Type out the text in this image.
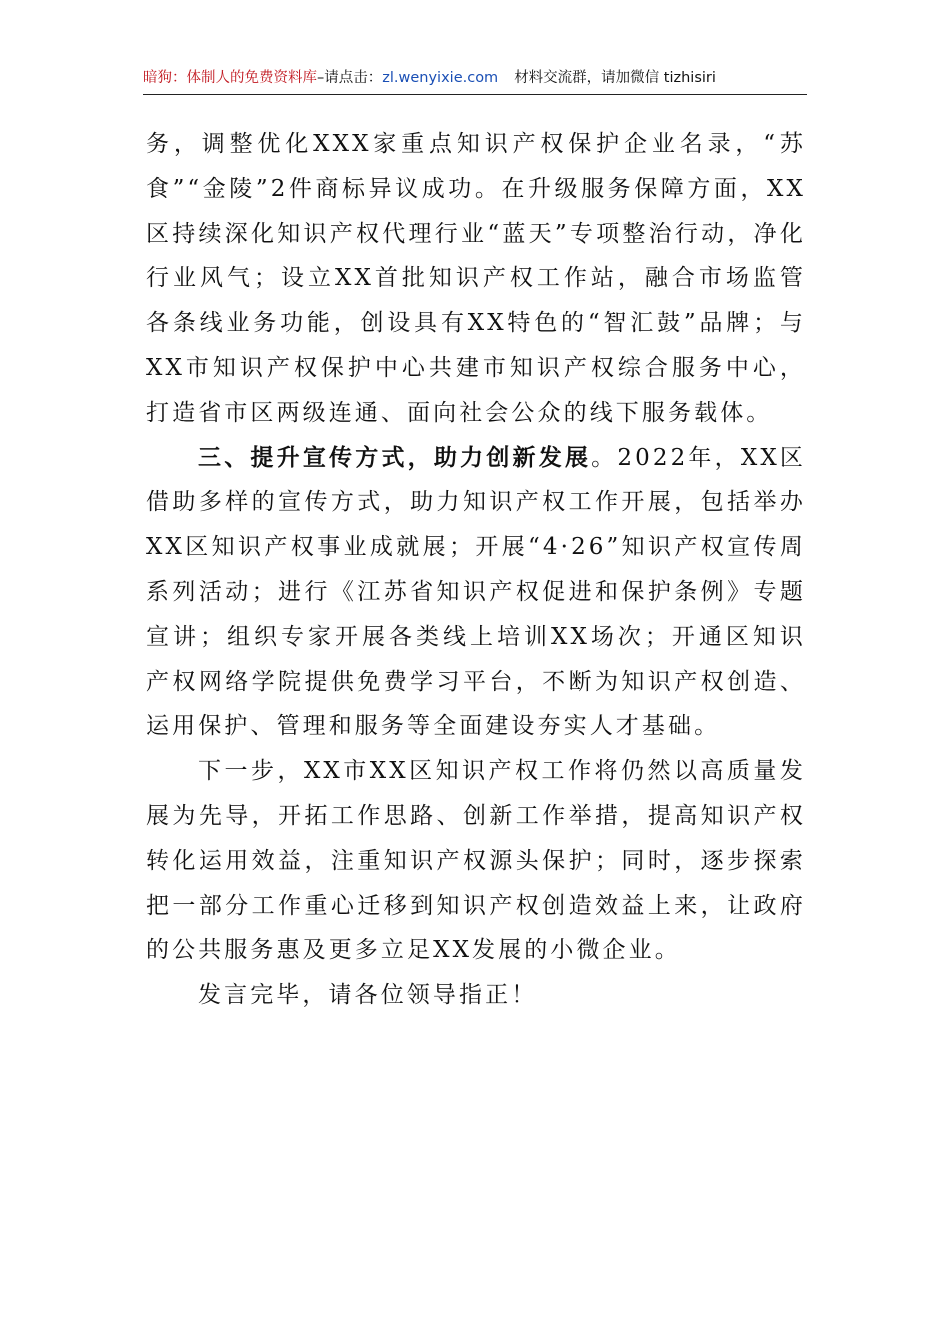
暗狗：体制人的免费资料库–请点击：zl.wenyixie.com 材料交流群，请加微信 tizhisiri

务，调整优化XXX家重点知识产权保护企业名录，“苏食”“金陵”2件商标异议成功。在升级服务保障方面，XX区持续深化知识产权代理行业“蓝天”专项整治行动，净化行业风气；设立XX首批知识产权工作站，融合市场监管各条线业务功能，创设具有XX特色的“智汇鼓”品牌；与XX市知识产权保护中心共建市知识产权综合服务中心，打造省市区两级连通、面向社会公众的线下服务载体。

三、提升宣传方式，助力创新发展。2022年，XX区借助多样的宣传方式，助力知识产权工作开展，包括举办XX区知识产权事业成就展；开展“4·26”知识产权宣传周系列活动；进行《江苏省知识产权促进和保护条例》专题宣讲；组织专家开展各类线上培训XX场次；开通区知识产权网络学院提供免费学习平台，不断为知识产权创造、运用保护、管理和服务等全面建设夯实人才基础。

下一步，XX市XX区知识产权工作将仍然以高质量发展为先导，开拓工作思路、创新工作举措，提高知识产权转化运用效益，注重知识产权源头保护；同时，逐步探索把一部分工作重心迁移到知识产权创造效益上来，让政府的公共服务惠及更多立足XX发展的小微企业。

发言完毕，请各位领导指正！
